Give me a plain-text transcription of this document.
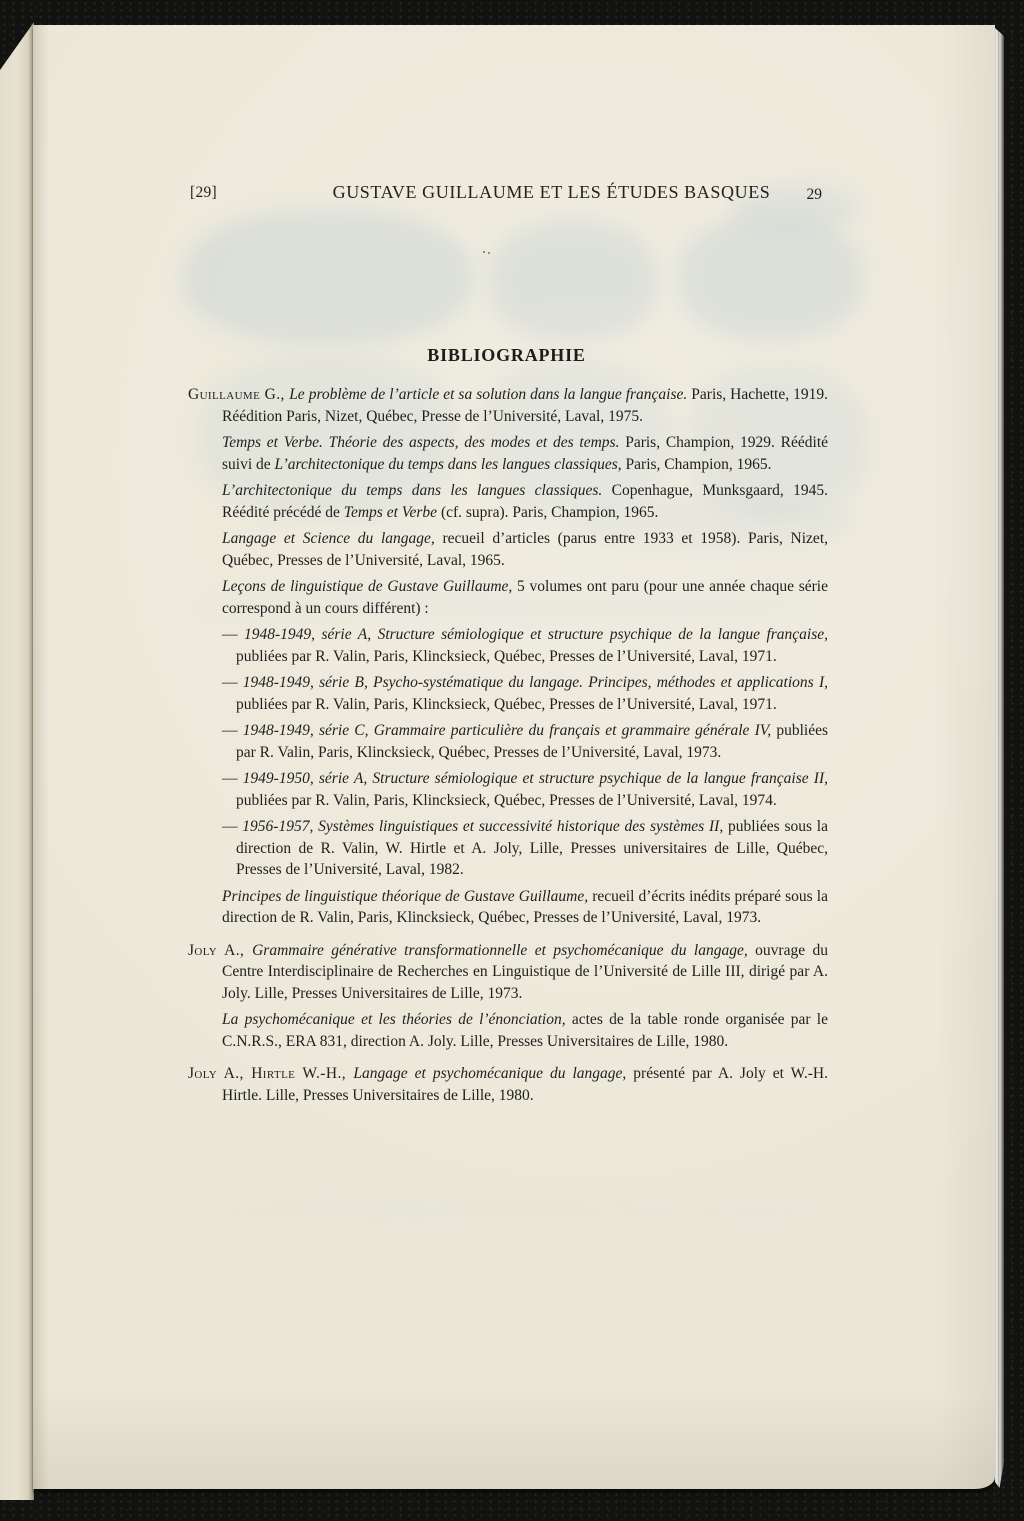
[29]	GUSTAVE GUILLAUME ET LES ÉTUDES BASQUES 29
BIBLIOGRAPHIE

Guillaume G., Le problème de l’article et sa solution dans la langue française. Paris, Hachette, 1919. Réédition Paris, Nizet, Québec, Presse de l’Université, Laval, 1975.

Temps et Verbe. Théorie des aspects, des modes et des temps. Paris, Champion, 1929. Réédité suivi de L’architectonique du temps dans les langues classiques, Paris, Champion, 1965.

L’architectonique du temps dans les langues classiques. Copenhague, Munksgaard, 1945. Réédité précédé de Temps et Verbe (cf. supra). Paris, Champion, 1965.

Langage et Science du langage, recueil d’articles (parus entre 1933 et 1958). Paris, Nizet, Québec, Presses de l’Université, Laval, 1965.

Leçons de linguistique de Gustave Guillaume, 5 volumes ont paru (pour une année chaque série correspond à un cours différent) :

— 1948-1949, série A, Structure sémiologique et structure psychique de la langue française, publiées par R. Valin, Paris, Klincksieck, Québec, Presses de l’Université, Laval, 1971.

— 1948-1949, série B, Psycho-systématique du langage. Principes, méthodes et applications I, publiées par R. Valin, Paris, Klincksieck, Québec, Presses de l’Université, Laval, 1971.

— 1948-1949, série C, Grammaire particulière du français et grammaire générale IV, publiées par R. Valin, Paris, Klincksieck, Québec, Presses de l’Université, Laval, 1973.

— 1949-1950, série A, Structure sémiologique et structure psychique de la langue française II, publiées par R. Valin, Paris, Klincksieck, Québec, Presses de l’Université, Laval, 1974.

— 1956-1957, Systèmes linguistiques et successivité historique des systèmes II, publiées sous la direction de R. Valin, W. Hirtle et A. Joly, Lille, Presses universitaires de Lille, Québec, Presses de l’Université, Laval, 1982.

Principes de linguistique théorique de Gustave Guillaume, recueil d’écrits inédits préparé sous la direction de R. Valin, Paris, Klincksieck, Québec, Presses de l’Université, Laval, 1973.

Joly A., Grammaire générative transformationnelle et psychomécanique du langage, ouvrage du Centre Interdisciplinaire de Recherches en Linguistique de l’Université de Lille III, dirigé par A. Joly. Lille, Presses Universitaires de Lille, 1973.

La psychomécanique et les théories de l’énonciation, actes de la table ronde organisée par le C.N.R.S., ERA 831, direction A. Joly. Lille, Presses Universitaires de Lille, 1980.

Joly A., Hirtle W.-H., Langage et psychomécanique du langage, présenté par A. Joly et W.-H. Hirtle. Lille, Presses Universitaires de Lille, 1980.
